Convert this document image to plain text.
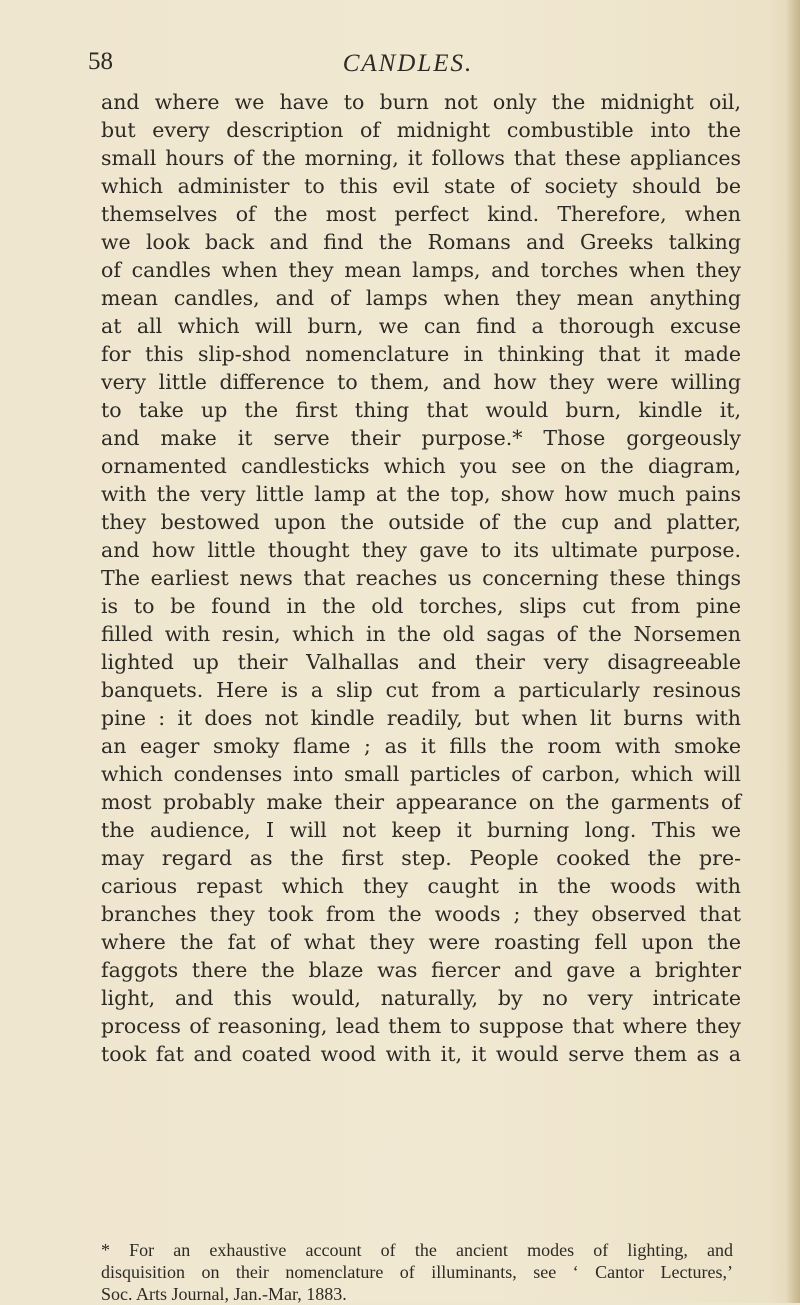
58	CANDLES.
and where we have to burn not only the midnight oil,
but every description of midnight combustible into the
small hours of the morning, it follows that these appliances
which administer to this evil state of society should be
themselves of the most perfect kind. Therefore, when
we look back and find the Romans and Greeks talking
of candles when they mean lamps, and torches when they
mean candles, and of lamps when they mean anything
at all which will burn, we can find a thorough excuse
for this slip-shod nomenclature in thinking that it made
very little difference to them, and how they were willing
to take up the first thing that would burn, kindle it,
and make it serve their purpose.* Those gorgeously
ornamented candlesticks which you see on the diagram,
with the very little lamp at the top, show how much pains
they bestowed upon the outside of the cup and platter,
and how little thought they gave to its ultimate purpose.
The earliest news that reaches us concerning these things
is to be found in the old torches, slips cut from pine
filled with resin, which in the old sagas of the Norsemen
lighted up their Valhallas and their very disagreeable
banquets. Here is a slip cut from a particularly resinous
pine : it does not kindle readily, but when lit burns with
an eager smoky flame ; as it fills the room with smoke
which condenses into small particles of carbon, which will
most probably make their appearance on the garments of
the audience, I will not keep it burning long. This we
may regard as the first step. People cooked the pre-
carious repast which they caught in the woods with
branches they took from the woods ; they observed that
where the fat of what they were roasting fell upon the
faggots there the blaze was fiercer and gave a brighter
light, and this would, naturally, by no very intricate
process of reasoning, lead them to suppose that where they
took fat and coated wood with it, it would serve them as a
* For an exhaustive account of the ancient modes of lighting, and
disquisition on their nomenclature of illuminants, see ‘ Cantor Lectures,’
Soc. Arts Journal, Jan.-Mar, 1883.
